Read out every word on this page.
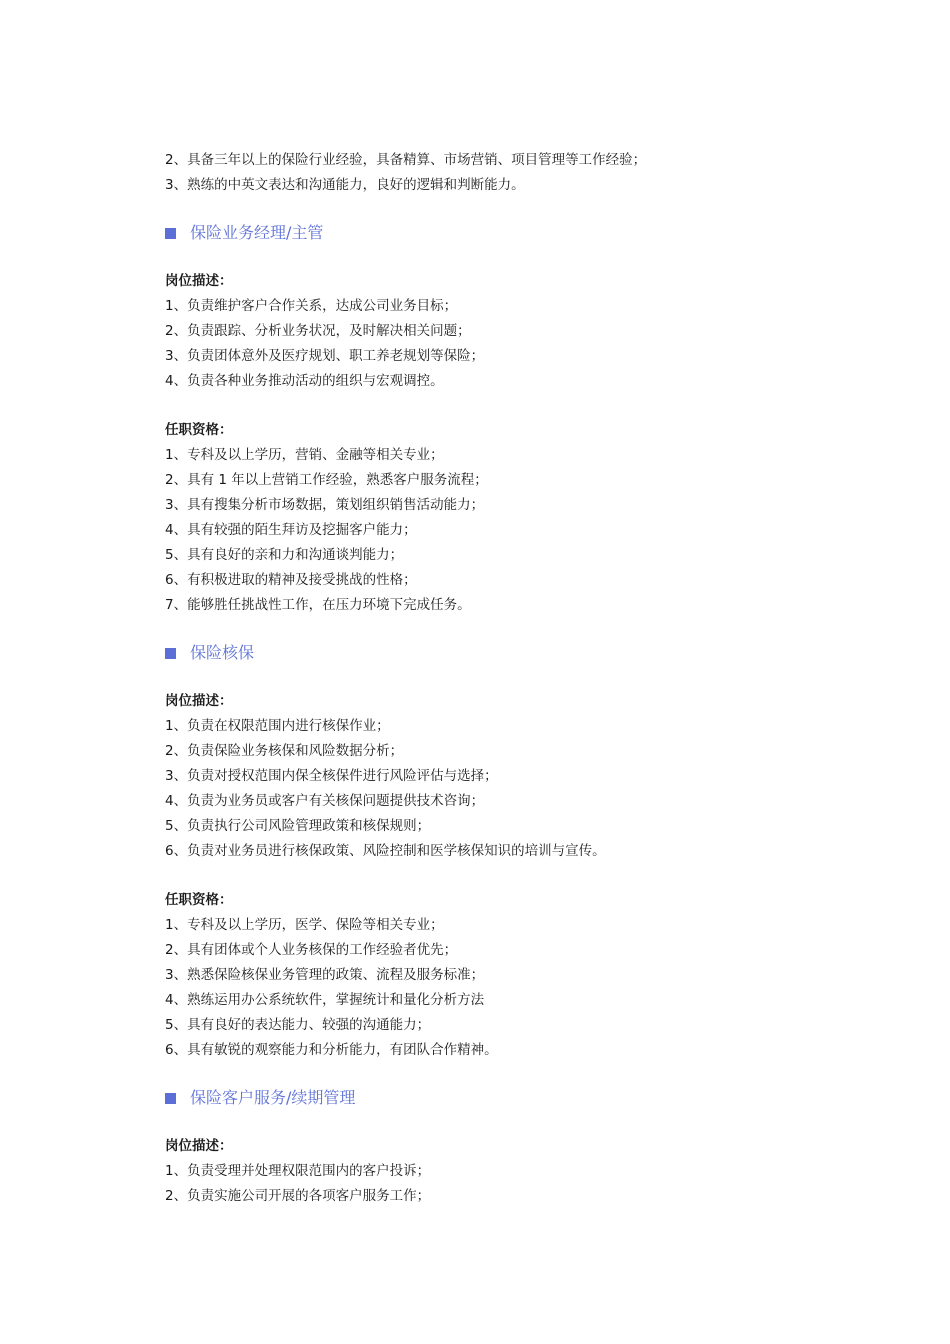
2、具备三年以上的保险行业经验，具备精算、市场营销、项目管理等工作经验；
3、熟练的中英文表达和沟通能力，良好的逻辑和判断能力。
保险业务经理/主管
岗位描述：
1、负责维护客户合作关系，达成公司业务目标；
2、负责跟踪、分析业务状况，及时解决相关问题；
3、负责团体意外及医疗规划、职工养老规划等保险；
4、负责各种业务推动活动的组织与宏观调控。
任职资格：
1、专科及以上学历，营销、金融等相关专业；
2、具有 1 年以上营销工作经验，熟悉客户服务流程；
3、具有搜集分析市场数据，策划组织销售活动能力；
4、具有较强的陌生拜访及挖掘客户能力；
5、具有良好的亲和力和沟通谈判能力；
6、有积极进取的精神及接受挑战的性格；
7、能够胜任挑战性工作，在压力环境下完成任务。
保险核保
岗位描述：
1、负责在权限范围内进行核保作业；
2、负责保险业务核保和风险数据分析；
3、负责对授权范围内保全核保件进行风险评估与选择；
4、负责为业务员或客户有关核保问题提供技术咨询；
5、负责执行公司风险管理政策和核保规则；
6、负责对业务员进行核保政策、风险控制和医学核保知识的培训与宣传。
任职资格：
1、专科及以上学历，医学、保险等相关专业；
2、具有团体或个人业务核保的工作经验者优先；
3、熟悉保险核保业务管理的政策、流程及服务标准；
4、熟练运用办公系统软件，掌握统计和量化分析方法
5、具有良好的表达能力、较强的沟通能力；
6、具有敏锐的观察能力和分析能力，有团队合作精神。
保险客户服务/续期管理
岗位描述：
1、负责受理并处理权限范围内的客户投诉；
2、负责实施公司开展的各项客户服务工作；
